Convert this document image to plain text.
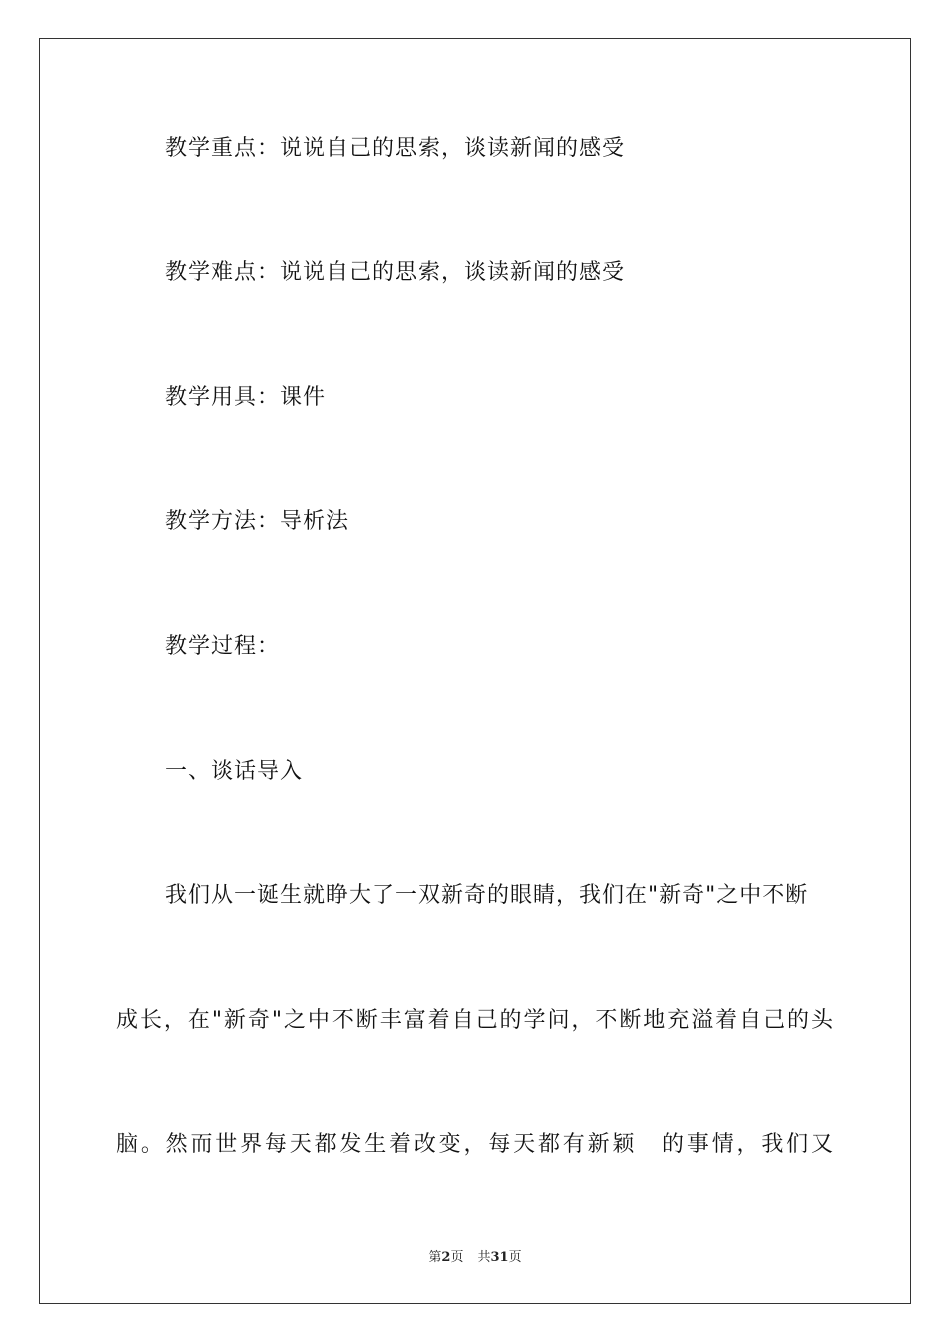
教学重点：说说自己的思索，谈读新闻的感受
教学难点：说说自己的思索，谈读新闻的感受
教学用具：课件
教学方法：导析法
教学过程：
一、谈话导入
我们从一诞生就睁大了一双新奇的眼睛，我们在"新奇"之中不断
成长，在"新奇"之中不断丰富着自己的学问，不断地充溢着自己的头
脑。然而世界每天都发生着改变，每天都有新颖　的事情，我们又
第2页 共31页
